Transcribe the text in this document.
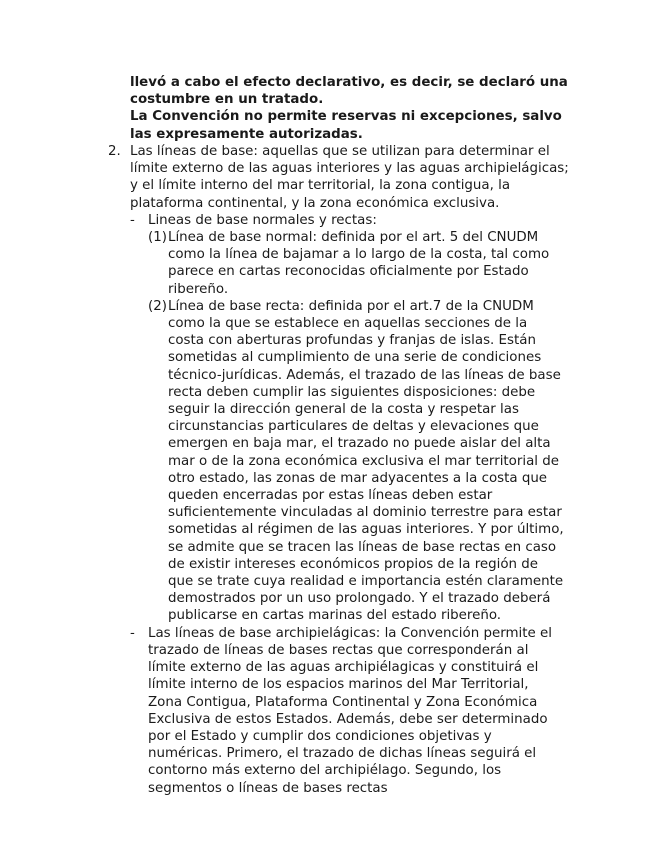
llevó a cabo el efecto declarativo, es decir, se declaró una costumbre en un tratado.

La Convención no permite reservas ni excepciones, salvo las expresamente autorizadas.

2. Las líneas de base: aquellas que se utilizan para determinar el límite externo de las aguas interiores y las aguas archipielágicas; y el límite interno del mar territorial, la zona contigua, la plataforma continental, y la zona económica exclusiva.
- Lineas de base normales y rectas:
(1) Línea de base normal: definida por el art. 5 del CNUDM como la línea de bajamar a lo largo de la costa, tal como parece en cartas reconocidas oficialmente por Estado ribereño.
(2) Línea de base recta: definida por el art.7 de la CNUDM como la que se establece en aquellas secciones de la costa con aberturas profundas y franjas de islas. Están sometidas al cumplimiento de una serie de condiciones técnico-jurídicas. Además, el trazado de las líneas de base recta deben cumplir las siguientes disposiciones: debe seguir la dirección general de la costa y respetar las circunstancias particulares de deltas y elevaciones que emergen en baja mar, el trazado no puede aislar del alta mar o de la zona económica exclusiva el mar territorial de otro estado, las zonas de mar adyacentes a la costa que queden encerradas por estas líneas deben estar suficientemente vinculadas al dominio terrestre para estar sometidas al régimen de las aguas interiores. Y por último, se admite que se tracen las líneas de base rectas en caso de existir intereses económicos propios de la región de que se trate cuya realidad e importancia estén claramente demostrados por un uso prolongado. Y el trazado deberá publicarse en cartas marinas del estado ribereño.
- Las líneas de base archipielágicas: la Convención permite el trazado de líneas de bases rectas que corresponderán al límite externo de las aguas archipiélagicas y constituirá el límite interno de los espacios marinos del Mar Territorial, Zona Contigua, Plataforma Continental y Zona Económica Exclusiva de estos Estados. Además, debe ser determinado por el Estado y cumplir dos condiciones objetivas y numéricas. Primero, el trazado de dichas líneas seguirá el contorno más externo del archipiélago. Segundo, los segmentos o líneas de bases rectas
